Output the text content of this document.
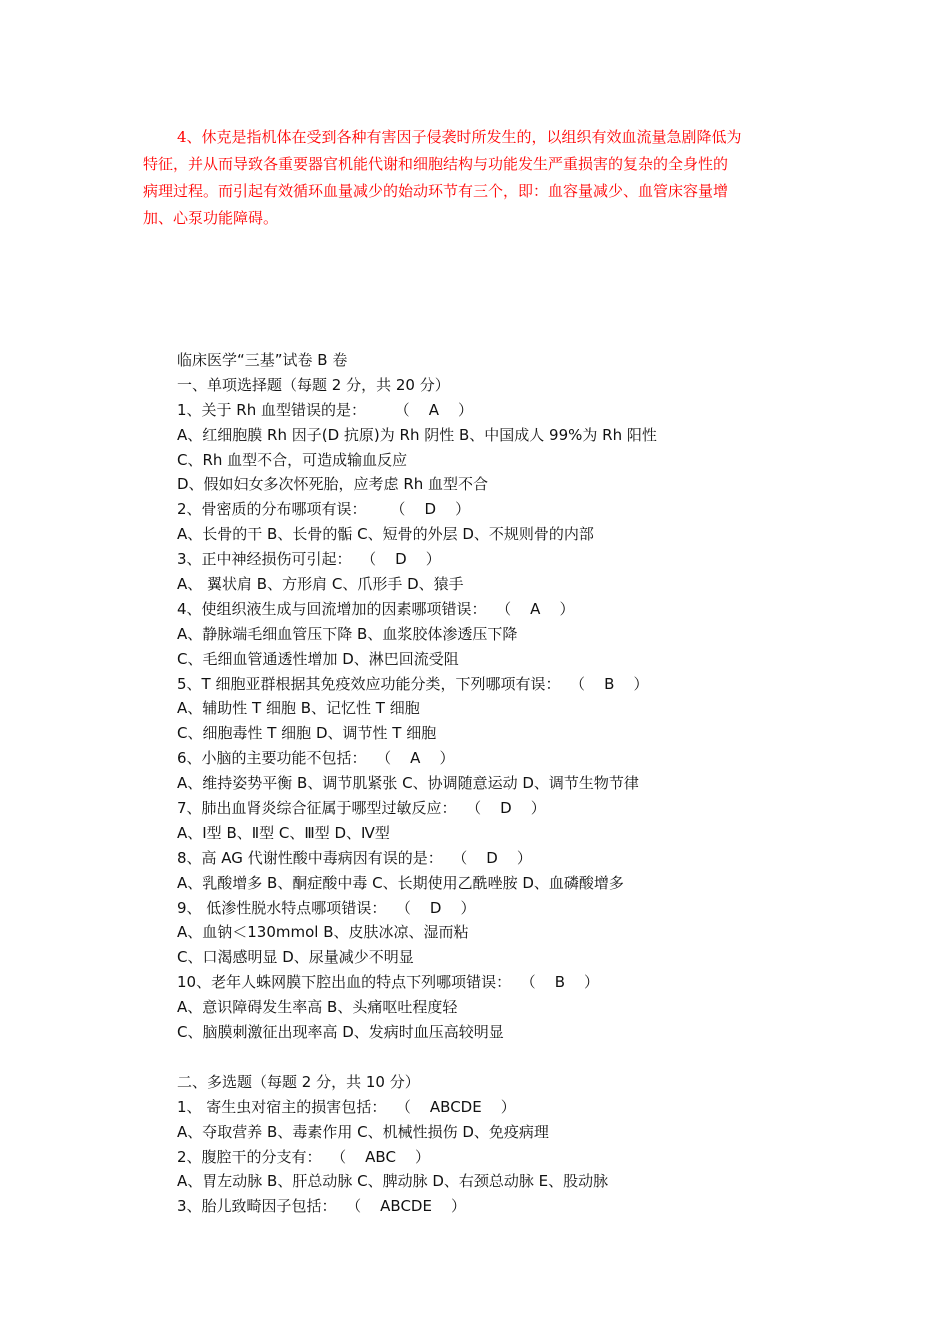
4、休克是指机体在受到各种有害因子侵袭时所发生的，以组织有效血流量急剧降低为
特征，并从而导致各重要器官机能代谢和细胞结构与功能发生严重损害的复杂的全身性的
病理过程。而引起有效循环血量减少的始动环节有三个，即：血容量减少、血管床容量增
加、心泵功能障碍。
临床医学“三基”试卷 B 卷
一、单项选择题（每题 2 分，共 20 分）
1、关于 Rh 血型错误的是：      （    A    ）
A、红细胞膜 Rh 因子(D 抗原)为 Rh 阴性 B、中国成人 99%为 Rh 阳性
C、Rh 血型不合，可造成输血反应
D、假如妇女多次怀死胎，应考虑 Rh 血型不合
2、骨密质的分布哪项有误：     （    D    ）
A、长骨的干 B、长骨的骺 C、短骨的外层 D、不规则骨的内部
3、正中神经损伤可引起：  （    D    ）
A、 翼状肩 B、方形肩 C、爪形手 D、猿手
4、使组织液生成与回流增加的因素哪项错误：  （    A    ）
A、静脉端毛细血管压下降 B、血浆胶体渗透压下降
C、毛细血管通透性增加 D、淋巴回流受阻
5、T 细胞亚群根据其免疫效应功能分类，下列哪项有误：  （    B    ）
A、辅助性 T 细胞 B、记忆性 T 细胞
C、细胞毒性 T 细胞 D、调节性 T 细胞
6、小脑的主要功能不包括：  （    A    ）
A、维持姿势平衡 B、调节肌紧张 C、协调随意运动 D、调节生物节律
7、肺出血肾炎综合征属于哪型过敏反应：  （    D    ）
A、Ⅰ型 B、Ⅱ型 C、Ⅲ型 D、Ⅳ型
8、高 AG 代谢性酸中毒病因有误的是：  （    D    ）
A、乳酸增多 B、酮症酸中毒 C、长期使用乙酰唑胺 D、血磷酸增多
9、 低渗性脱水特点哪项错误：  （    D    ）
A、血钠＜130mmol B、皮肤冰凉、湿而粘
C、口渴感明显 D、尿量减少不明显
10、老年人蛛网膜下腔出血的特点下列哪项错误：  （    B    ）
A、意识障碍发生率高 B、头痛呕吐程度轻
C、脑膜刺激征出现率高 D、发病时血压高较明显
二、多选题（每题 2 分，共 10 分）
1、 寄生虫对宿主的损害包括：  （    ABCDE    ）
A、夺取营养 B、毒素作用 C、机械性损伤 D、免疫病理
2、腹腔干的分支有：  （    ABC    ）
A、胃左动脉 B、肝总动脉 C、脾动脉 D、右颈总动脉 E、股动脉
3、胎儿致畸因子包括：  （    ABCDE    ）
